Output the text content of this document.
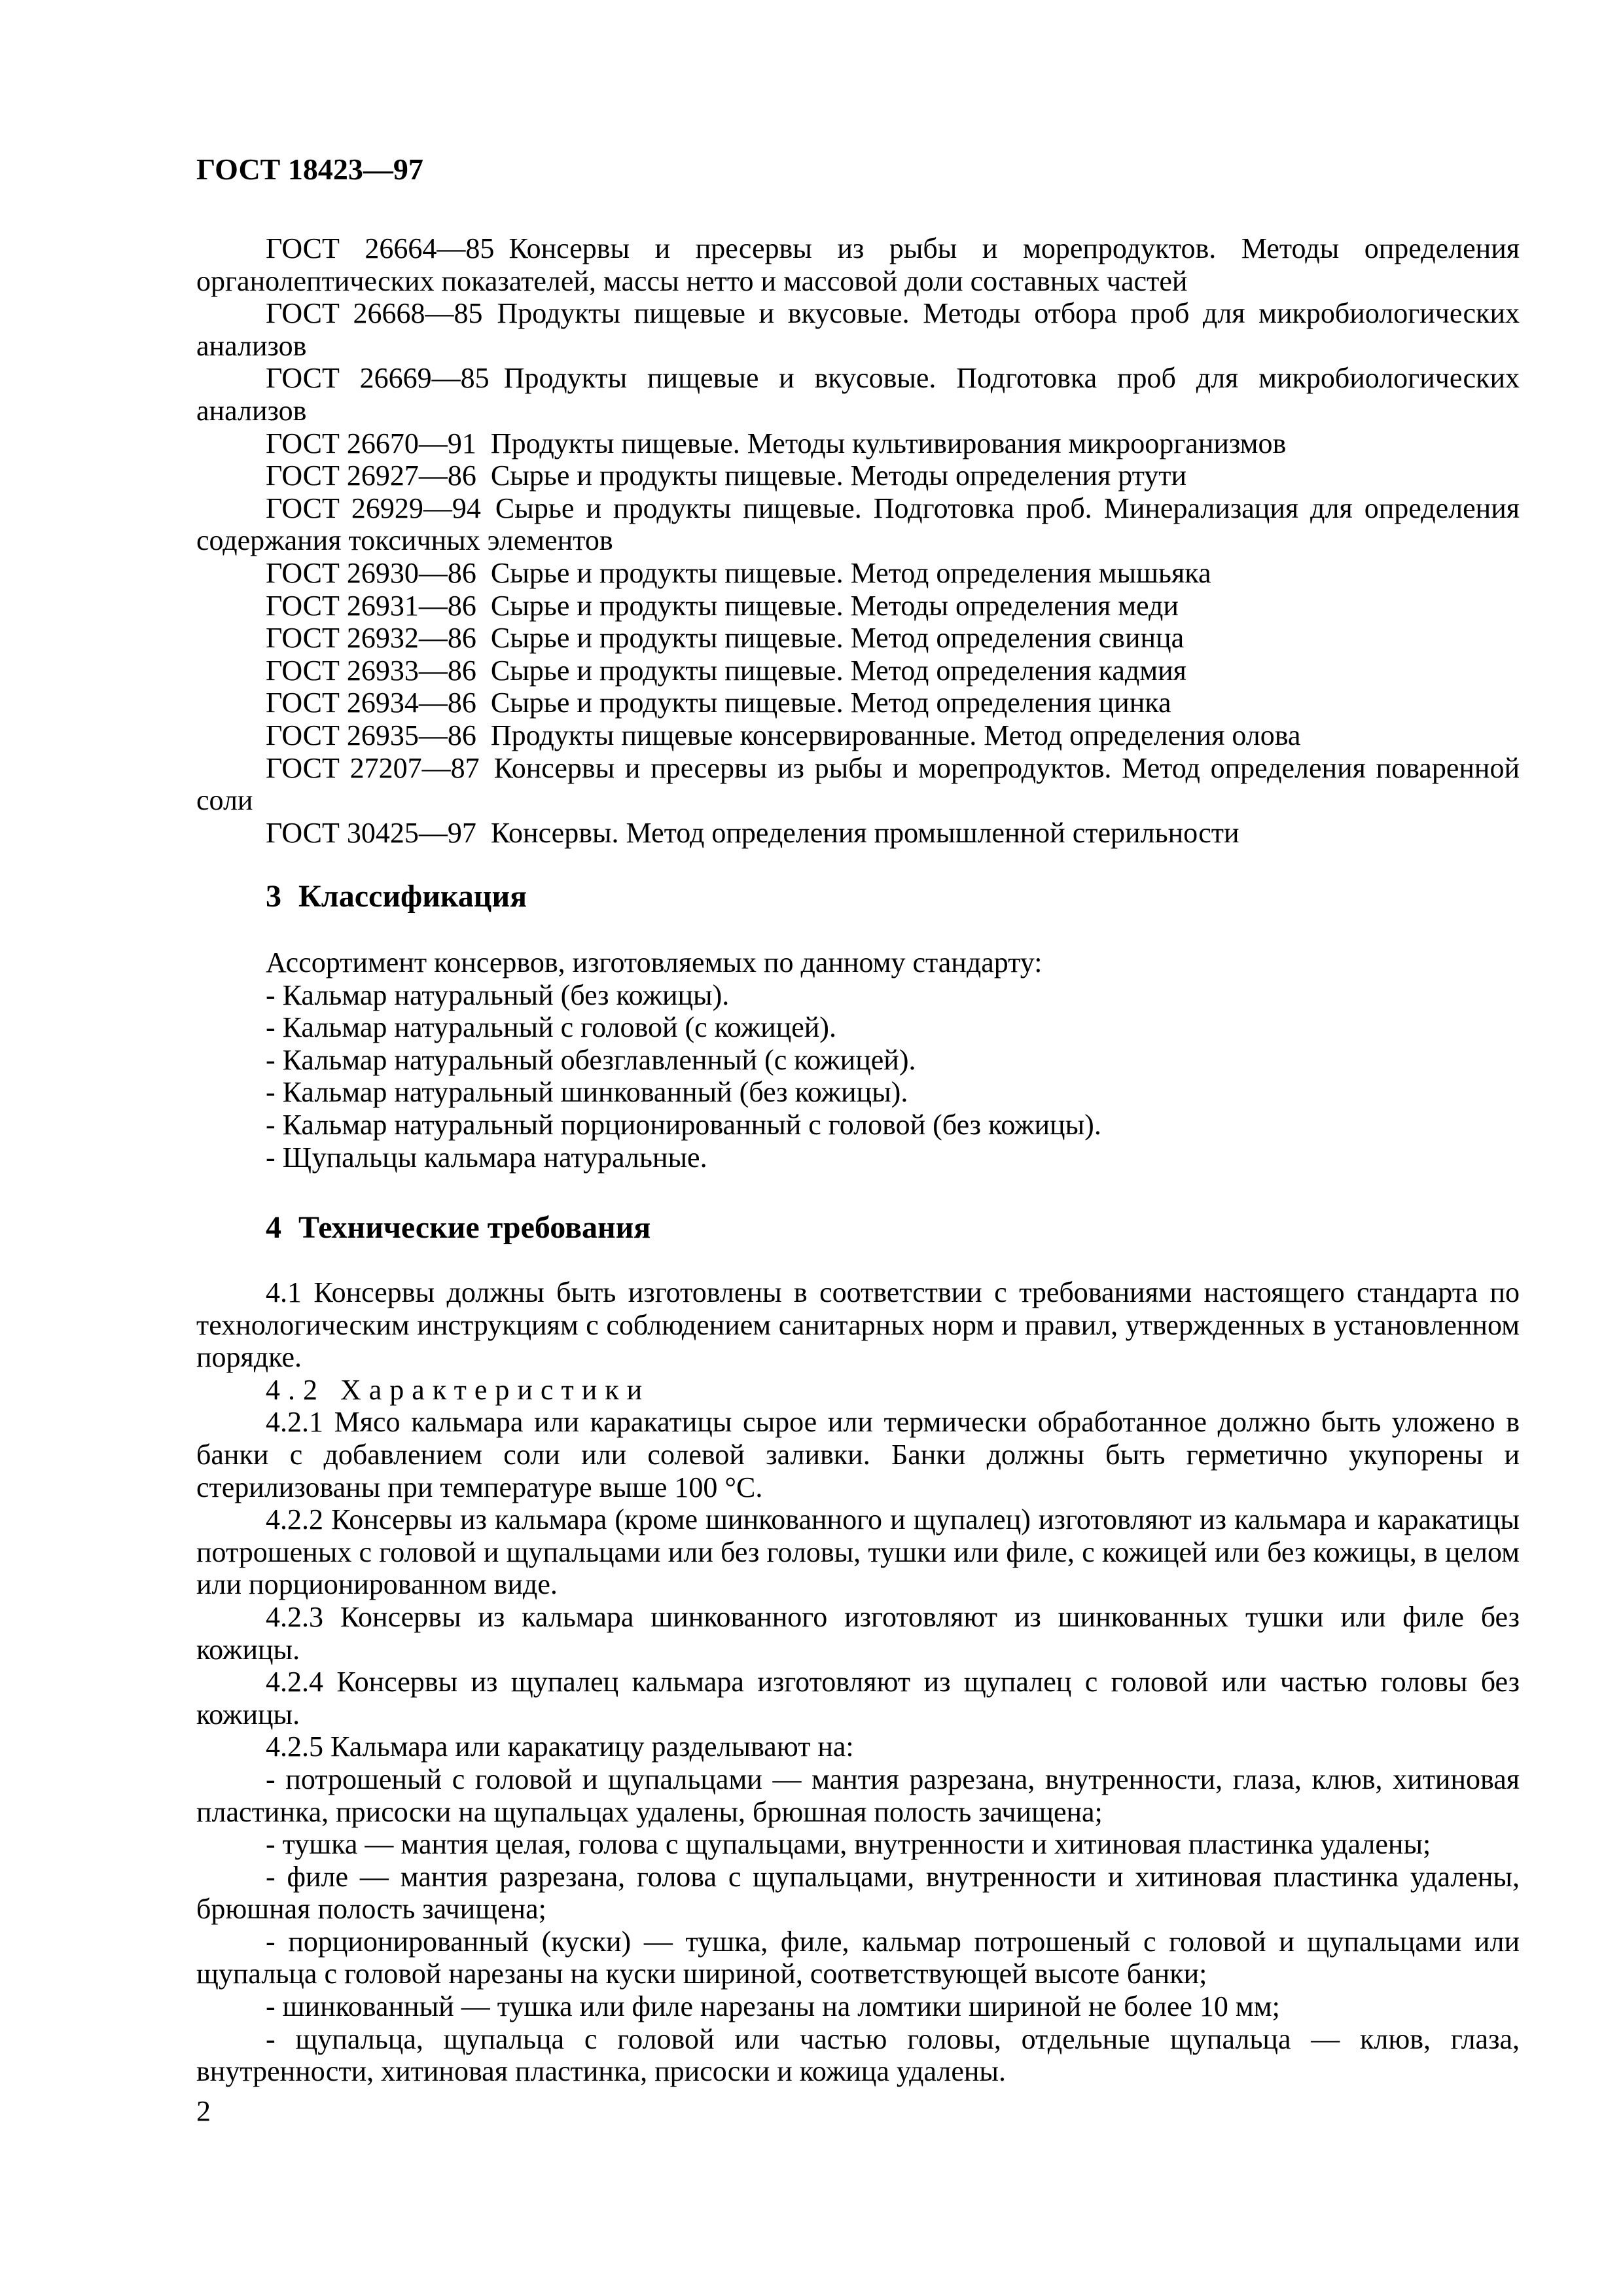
ГОСТ 18423—97

ГОСТ 26664—85 Консервы и пресервы из рыбы и морепродуктов. Методы определения органолептических показателей, массы нетто и массовой доли составных частей

ГОСТ 26668—85 Продукты пищевые и вкусовые. Методы отбора проб для микробиологических анализов

ГОСТ 26669—85 Продукты пищевые и вкусовые. Подготовка проб для микробиологических анализов

ГОСТ 26670—91 Продукты пищевые. Методы культивирования микроорганизмов

ГОСТ 26927—86 Сырье и продукты пищевые. Методы определения ртути

ГОСТ 26929—94 Сырье и продукты пищевые. Подготовка проб. Минерализация для определения содержания токсичных элементов

ГОСТ 26930—86 Сырье и продукты пищевые. Метод определения мышьяка

ГОСТ 26931—86 Сырье и продукты пищевые. Методы определения меди

ГОСТ 26932—86 Сырье и продукты пищевые. Метод определения свинца

ГОСТ 26933—86 Сырье и продукты пищевые. Метод определения кадмия

ГОСТ 26934—86 Сырье и продукты пищевые. Метод определения цинка

ГОСТ 26935—86 Продукты пищевые консервированные. Метод определения олова

ГОСТ 27207—87 Консервы и пресервы из рыбы и морепродуктов. Метод определения поваренной соли

ГОСТ 30425—97 Консервы. Метод определения промышленной стерильности

3 Классификация

Ассортимент консервов, изготовляемых по данному стандарту:

- Кальмар натуральный (без кожицы).

- Кальмар натуральный с головой (с кожицей).

- Кальмар натуральный обезглавленный (с кожицей).

- Кальмар натуральный шинкованный (без кожицы).

- Кальмар натуральный порционированный с головой (без кожицы).

- Щупальцы кальмара натуральные.

4 Технические требования

4.1 Консервы должны быть изготовлены в соответствии с требованиями настоящего стандарта по технологическим инструкциям с соблюдением санитарных норм и правил, утвержденных в установленном порядке.

4.2 Характеристики

4.2.1 Мясо кальмара или каракатицы сырое или термически обработанное должно быть уложено в банки с добавлением соли или солевой заливки. Банки должны быть герметично укупорены и стерилизованы при температуре выше 100 °С.

4.2.2 Консервы из кальмара (кроме шинкованного и щупалец) изготовляют из кальмара и каракатицы потрошеных с головой и щупальцами или без головы, тушки или филе, с кожицей или без кожицы, в целом или порционированном виде.

4.2.3 Консервы из кальмара шинкованного изготовляют из шинкованных тушки или филе без кожицы.

4.2.4 Консервы из щупалец кальмара изготовляют из щупалец с головой или частью головы без кожицы.

4.2.5 Кальмара или каракатицу разделывают на:

- потрошеный с головой и щупальцами — мантия разрезана, внутренности, глаза, клюв, хитиновая пластинка, присоски на щупальцах удалены, брюшная полость зачищена;

- тушка — мантия целая, голова с щупальцами, внутренности и хитиновая пластинка удалены;

- филе — мантия разрезана, голова с щупальцами, внутренности и хитиновая пластинка удалены, брюшная полость зачищена;

- порционированный (куски) — тушка, филе, кальмар потрошеный с головой и щупальцами или щупальца с головой нарезаны на куски шириной, соответствующей высоте банки;

- шинкованный — тушка или филе нарезаны на ломтики шириной не более 10 мм;

- щупальца, щупальца с головой или частью головы, отдельные щупальца — клюв, глаза, внутренности, хитиновая пластинка, присоски и кожица удалены.

2
